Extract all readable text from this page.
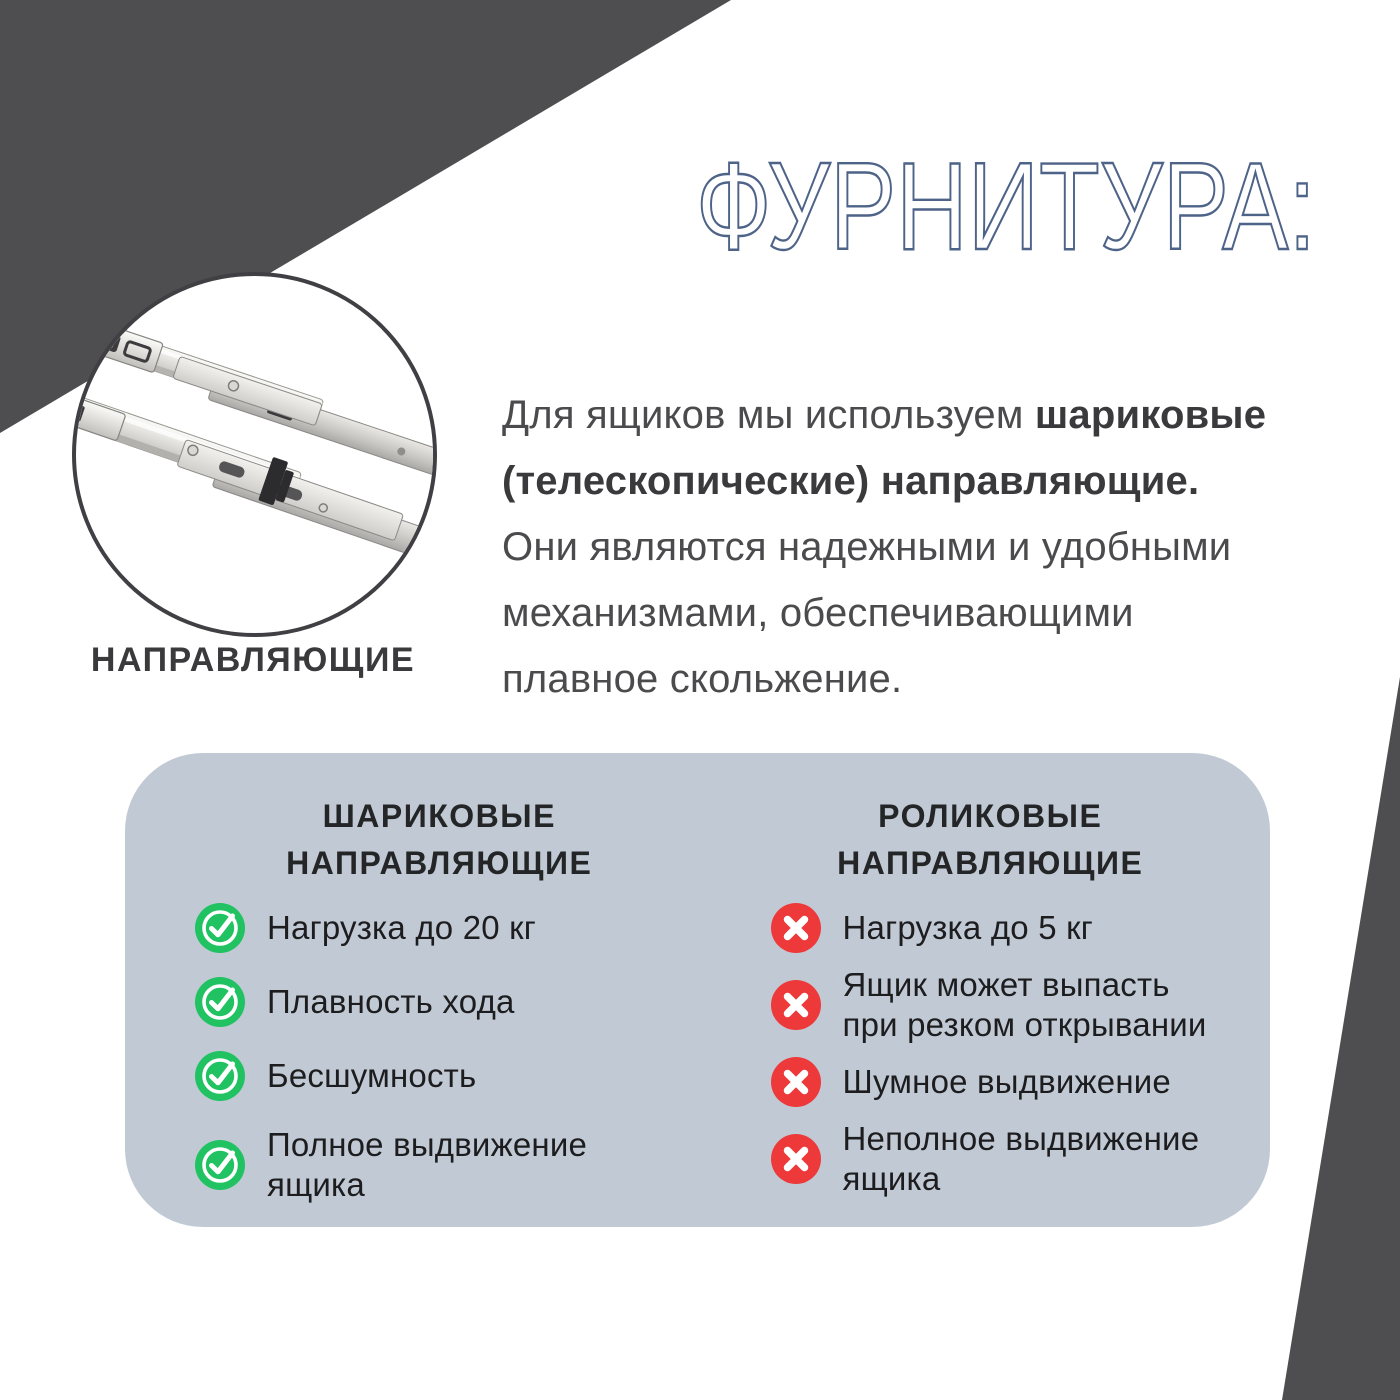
ФУРНИТУРА:
НАПРАВЛЯЮЩИЕ
Для ящиков мы используем шариковые
(телескопические) направляющие.
Они являются надежными и удобными
механизмами, обеспечивающими
плавное скольжение.
ШАРИКОВЫЕ
НАПРАВЛЯЮЩИЕ
Нагрузка до 20 кг
Плавность хода
Бесшумность
Полное выдвижение
ящика
РОЛИКОВЫЕ
НАПРАВЛЯЮЩИЕ
Нагрузка до 5 кг
Ящик может выпасть
при резком открывании
Шумное выдвижение
Неполное выдвижение
ящика
